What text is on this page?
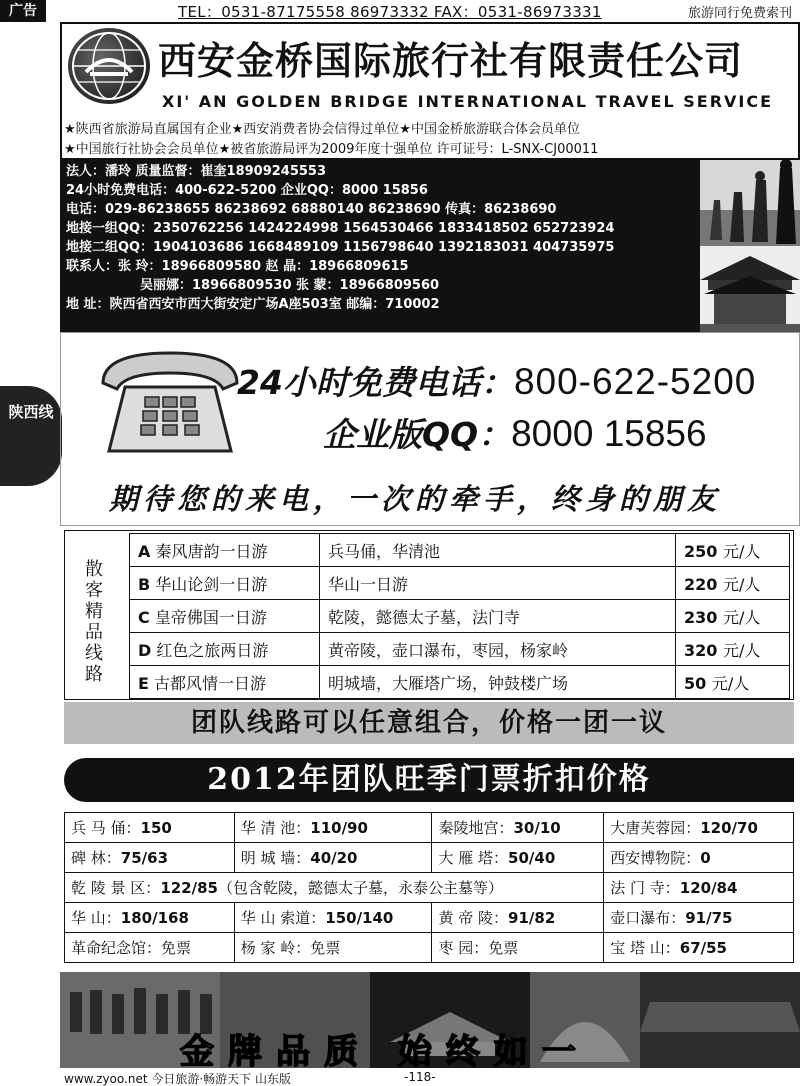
广告	TEL：0531-87175558 86973332 FAX：0531-86973331	旅游同行免费索刊
西安金桥国际旅行社有限责任公司
XI' AN GOLDEN BRIDGE INTERNATIONAL TRAVEL SERVICE
★陕西省旅游局直属国有企业★西安消费者协会信得过单位★中国金桥旅游联合体会员单位
★中国旅行社协会会员单位★被省旅游局评为2009年度十强单位 许可证号：L-SNX-CJ00011
法人：潘玲 质量监督：崔奎18909245553
24小时免费电话：400-622-5200 企业QQ：8000 15856
电话：029-86238655 86238692 68880140 86238690 传真：86238690
地接一组QQ：2350762256 1424224998 1564530466 1833418502 652723924
地接二组QQ：1904103686 1668489109 1156798640 1392183031 404735975
联系人：张 玲：18966809580 赵 晶：18966809615
吴丽娜：18966809530 张 蒙：18966809560
地 址：陕西省西安市西大街安定广场A座503室 邮编：710002
陕西线
24小时免费电话：800-622-5200
企业版QQ：8000 15856
期待您的来电，一次的牵手，终身的朋友
散客精品线路
A 秦风唐韵一日游	兵马俑，华清池	250 元/人
B 华山论剑一日游	华山一日游	220 元/人
C 皇帝佛国一日游	乾陵，懿德太子墓，法门寺	230 元/人
D 红色之旅两日游	黄帝陵，壶口瀑布，枣园，杨家岭	320 元/人
E 古都风情一日游	明城墙，大雁塔广场，钟鼓楼广场	50 元/人
团队线路可以任意组合，价格一团一议
2012年团队旺季门票折扣价格
兵 马 俑：150	华 清 池：110/90	秦陵地宫：30/10	大唐芙蓉园：120/70
碑 林：75/63	明 城 墙：40/20	大 雁 塔：50/40	西安博物院：0
乾 陵 景 区：122/85（包含乾陵，懿德太子墓，永泰公主墓等）			法 门 寺：120/84
华 山：180/168	华 山 索道：150/140	黄 帝 陵：91/82	壶口瀑布：91/75
革命纪念馆：免票	杨 家 岭：免票	枣 园：免票	宝 塔 山：67/55
金牌品质 始终如一
www.zyoo.net 今日旅游·畅游天下 山东版	-118-
